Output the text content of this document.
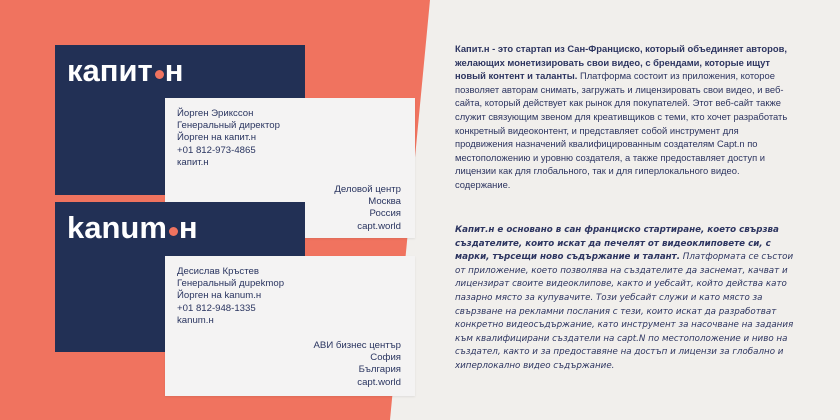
капит н
Йорген Эрикссон
Генеральный директор
Йорген на капит.н
+01 812-973-4865
капит.н
Деловой центр
Москва
Россия
capt.world
kanum н
Десислав Кръстев
Генеральный дupekmop
Йорген на kanum.н
+01 812-948-1335
kanum.н
АВИ бизнес център
София
България
capt.world
Капит.н - это стартап из Сан-Франциско, который объединяет авторов, желающих монетизировать свои видео, с брендами, которые ищут новый контент и таланты. Платформа состоит из приложения, которое позволяет авторам снимать, загружать и лицензировать свои видео, и веб-сайта, который действует как рынок для покупателей. Этот веб-сайт также служит связующим звеном для креативщиков с теми, кто хочет разработать конкретный видеоконтент, и представляет собой инструмент для продвижения назначений квалифицированным создателям Capt.n по местоположению и уровню создателя, а также предоставляет доступ и лицензии как для глобального, так и для гиперлокального видео. содержание.
Капит.н е основано в сан франциско стартиране, което свързва създателите, които искат да печелят от видеоклиповете си, с марки, търсещи ново съдържание и талант. Платформата се състои от приложение, което позволява на създателите да заснемат, качват и лицензират своите видеоклипове, както и уебсайт, който действа като пазарно място за купувачите. Този уебсайт служи и като място за свързване на рекламни послания с тези, които искат да разработват конкретно видеосъдържание, като инструмент за насочване на задания към квалифицирани създатели на capt.N по местоположение и ниво на създател, както и за предоставяне на достъп и лицензи за глобално и хиперлокално видео съдържание.
